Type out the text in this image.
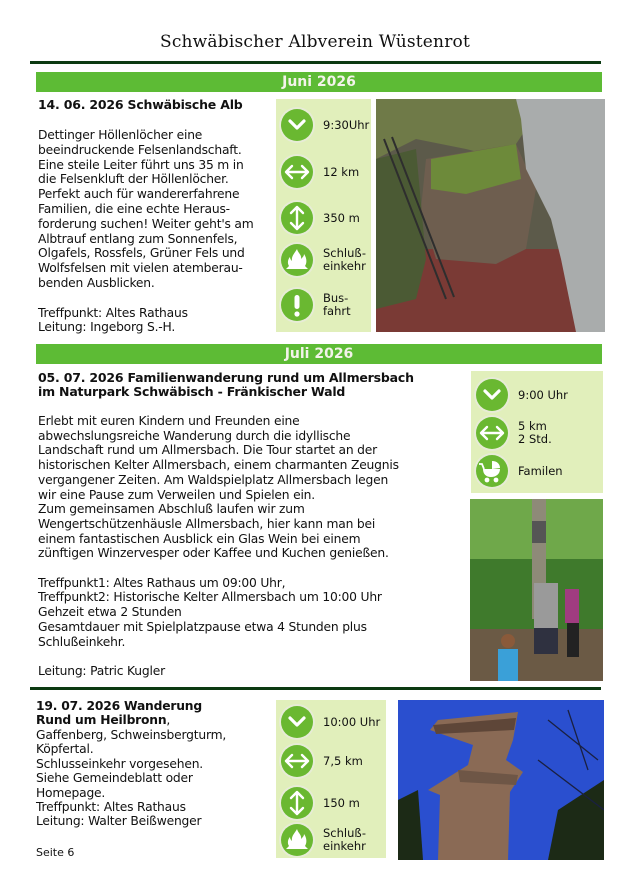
Schwäbischer Albverein Wüstenrot
Juni 2026
14. 06. 2026 Schwäbische Alb
Dettinger Höllenlöcher eine
beeindruckende Felsenlandschaft.
Eine steile Leiter führt uns 35 m in
die Felsenkluft der Höllenlöcher.
Perfekt auch für wandererfahrene
Familien, die eine echte Heraus-
forderung suchen! Weiter geht's am
Albtrauf entlang zum Sonnenfels,
Olgafels, Rossfels, Grüner Fels und
Wolfsfelsen mit vielen atemberau-
benden Ausblicken.

Treffpunkt: Altes Rathaus
Leitung: Ingeborg S.-H.
9:30Uhr
12 km
350 m
Schluß-
einkehr
Bus-
fahrt
Juli 2026
05. 07. 2026 Familienwanderung rund um Allmersbach
im Naturpark Schwäbisch - Fränkischer Wald
Erlebt mit euren Kindern und Freunden eine
abwechslungsreiche Wanderung durch die idyllische
Landschaft rund um Allmersbach. Die Tour startet an der
historischen Kelter Allmersbach, einem charmanten Zeugnis
vergangener Zeiten. Am Waldspielplatz Allmersbach legen
wir eine Pause zum Verweilen und Spielen ein.
Zum gemeinsamen Abschluß laufen wir zum
Wengertschützenhäusle Allmersbach, hier kann man bei
einem fantastischen Ausblick ein Glas Wein bei einem
zünftigen Winzervesper oder Kaffee und Kuchen genießen.

Treffpunkt1: Altes Rathaus um 09:00 Uhr,
Treffpunkt2: Historische Kelter Allmersbach um 10:00 Uhr
Gehzeit etwa 2 Stunden
Gesamtdauer mit Spielplatzpause etwa 4 Stunden plus
Schlußeinkehr.

Leitung: Patric Kugler
9:00 Uhr
5 km
2 Std.
Familen
19. 07. 2026 Wanderung
Rund um Heilbronn,
Gaffenberg, Schweinsbergturm,
Köpfertal.
Schlusseinkehr vorgesehen.
Siehe Gemeindeblatt oder
Homepage.
Treffpunkt: Altes Rathaus
Leitung: Walter Beißwenger
10:00 Uhr
7,5 km
150 m
Schluß-
einkehr
Seite 6
